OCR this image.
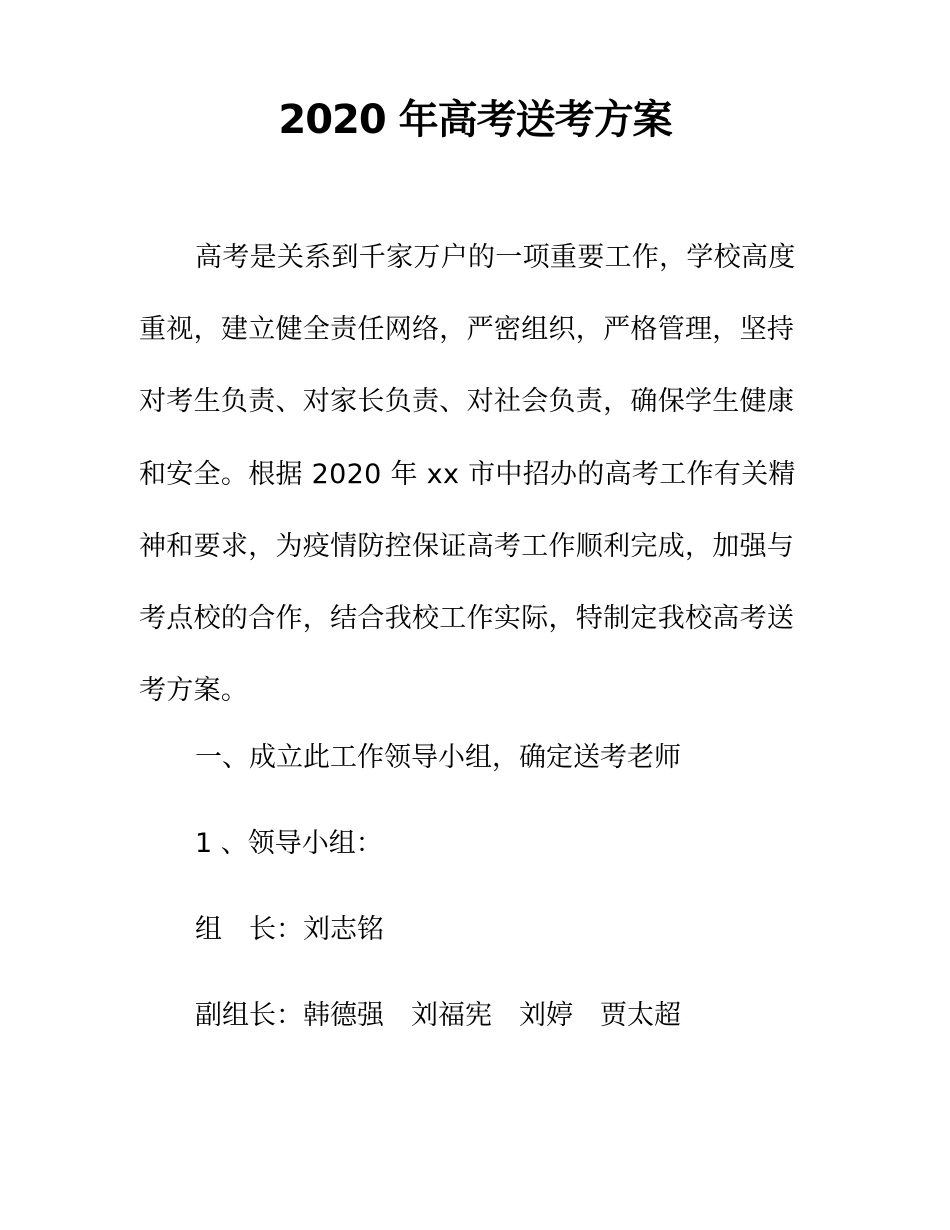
2020 年高考送考方案

高考是关系到千家万户的一项重要工作，学校高度重视，建立健全责任网络，严密组织，严格管理，坚持对考生负责、对家长负责、对社会负责，确保学生健康和安全。根据 2020 年 xx 市中招办的高考工作有关精神和要求，为疫情防控保证高考工作顺利完成，加强与考点校的合作，结合我校工作实际，特制定我校高考送考方案。

一、成立此工作领导小组，确定送考老师

1 、领导小组：

组　长：刘志铭

副组长：韩德强　刘福宪　刘婷　贾太超
